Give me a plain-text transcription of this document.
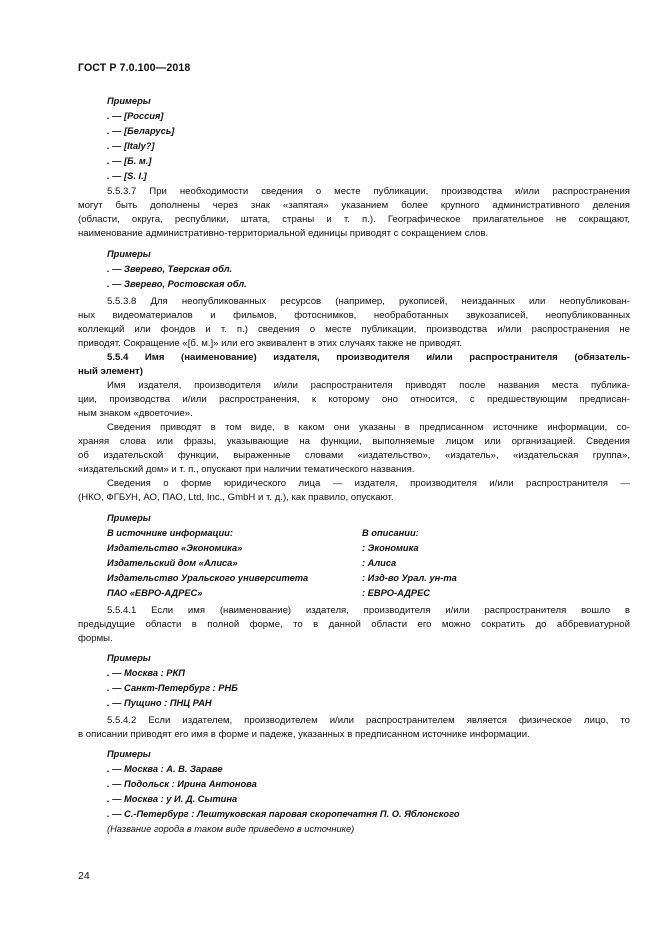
ГОСТ Р 7.0.100—2018
Примеры
. — [Россия]
. — [Беларусь]
. — [Italy?]
. — [Б. м.]
. — [S. l.]
5.5.3.7 При необходимости сведения о месте публикации, производства и/или распространения
могут быть дополнены через знак «запятая» указанием более крупного административного деления
(области, округа, республики, штата, страны и т. п.). Географическое прилагательное не сокращают,
наименование административно-территориальной единицы приводят с сокращением слов.
Примеры
. — Зверево, Тверская обл.
. — Зверево, Ростовская обл.
5.5.3.8 Для неопубликованных ресурсов (например, рукописей, неизданных или неопубликован-
ных видеоматериалов и фильмов, фотоснимков, необработанных звукозаписей, неопубликованных
коллекций или фондов и т. п.) сведения о месте публикации, производства и/или распространения не
приводят. Сокращение «[б. м.]» или его эквивалент в этих случаях также не приводят.
5.5.4 Имя (наименование) издателя, производителя и/или распространителя (обязатель-
ный элемент)
Имя издателя, производителя и/или распространителя приводят после названия места публика-
ции, производства и/или распространения, к которому оно относится, с предшествующим предписан-
ным знаком «двоеточие».
Сведения приводят в том виде, в каком они указаны в предписанном источнике информации, со-
храняя слова или фразы, указывающие на функции, выполняемые лицом или организацией. Сведения
об издательской функции, выраженные словами «издательство», «издатель», «издательская группа»,
«издательский дом» и т. п., опускают при наличии тематического названия.
Сведения о форме юридического лица — издателя, производителя и/или распространителя —
(НКО, ФГБУН, АО, ПАО, Ltd, Inc., GmbH и т. д.), как правило, опускают.
Примеры
В источнике информации:	В описании:
Издательство «Экономика»	: Экономика
Издательский дом «Алиса»	: Алиса
Издательство Уральского университета	: Изд-во Урал. ун-та
ПАО «ЕВРО-АДРЕС»	: ЕВРО-АДРЕС
5.5.4.1 Если имя (наименование) издателя, производителя и/или распространителя вошло в
предыдущие области в полной форме, то в данной области его можно сократить до аббревиатурной
формы.
Примеры
. — Москва : РКП
. — Санкт-Петербург : РНБ
. — Пущино : ПНЦ РАН
5.5.4.2 Если издателем, производителем и/или распространителем является физическое лицо, то
в описании приводят его имя в форме и падеже, указанных в предписанном источнике информации.
Примеры
. — Москва : А. В. Зараве
. — Подольск : Ирина Антонова
. — Москва : у И. Д. Сытина
. — С.-Петербург : Лештуковская паровая скоропечатня П. О. Яблонского
(Название города в таком виде приведено в источнике)
24
